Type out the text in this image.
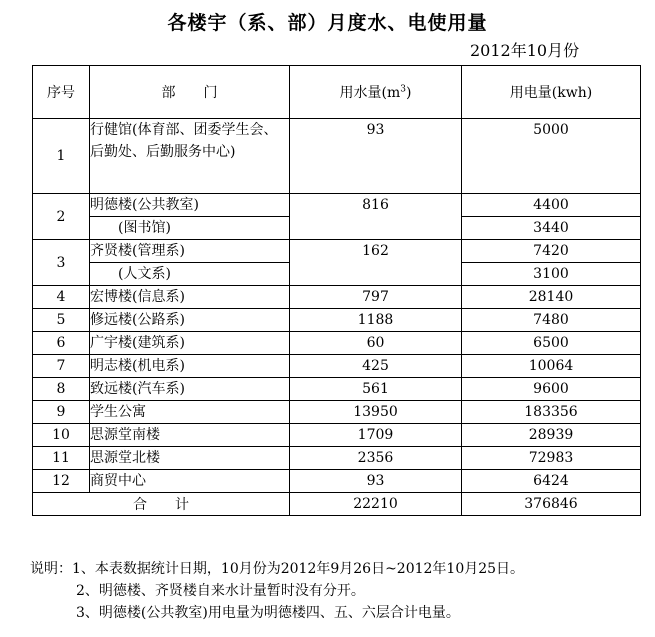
各楼宇（系、部）月度水、电使用量
2012年10月份
序号	部　　门	用水量$(m^3)$	用电量(kwh)
1	行健馆(体育部、团委学生会、后勤处、后勤服务中心)	93	5000
2	明德楼(公共教室)	816	4400
	(图书馆)		3440
3	齐贤楼(管理系)	162	7420
	(人文系)		3100
4	宏博楼(信息系)	797	28140
5	修远楼(公路系)	1188	7480
6	广宇楼(建筑系)	60	6500
7	明志楼(机电系)	425	10064
8	致远楼(汽车系)	561	9600
9	学生公寓	13950	183356
10	思源堂南楼	1709	28939
11	思源堂北楼	2356	72983
12	商贸中心	93	6424
合　　计		22210	376846
说明：1、本表数据统计日期，10月份为2012年9月26日~2012年10月25日。
2、明德楼、齐贤楼自来水计量暂时没有分开。
3、明德楼(公共教室)用电量为明德楼四、五、六层合计电量。
